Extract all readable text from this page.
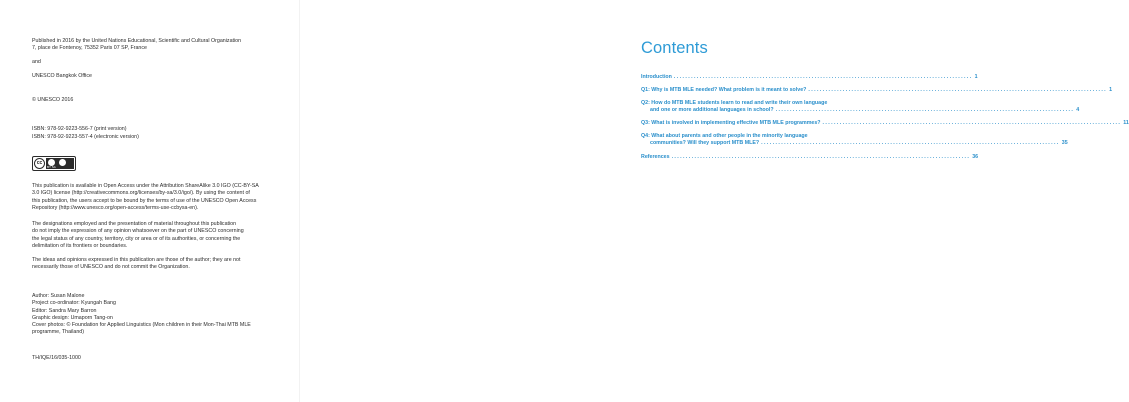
Published in 2016 by the United Nations Educational, Scientific and Cultural Organization
7, place de Fontenoy, 75352 Paris 07 SP, France
and
UNESCO Bangkok Office
© UNESCO 2016
ISBN: 978-92-9223-556-7 (print version)
ISBN: 978-92-9223-557-4 (electronic version)
cc
BY SA
This publication is available in Open Access under the Attribution ShareAlike 3.0 IGO (CC-BY-SA
3.0 IGO) license (http://creativecommons.org/licenses/by-sa/3.0/igo/). By using the content of
this publication, the users accept to be bound by the terms of use of the UNESCO Open Access
Repository (http://www.unesco.org/open-access/terms-use-ccbysa-en).
The designations employed and the presentation of material throughout this publication
do not imply the expression of any opinion whatsoever on the part of UNESCO concerning
the legal status of any country, territory, city or area or of its authorities, or concerning the
delimitation of its frontiers or boundaries.
The ideas and opinions expressed in this publication are those of the author; they are not
necessarily those of UNESCO and do not commit the Organization.
Author: Susan Malone
Project co-ordinator: Kyungah Bang
Editor: Sandra Mary Barron
Graphic design: Umaporn Tang-on
Cover photos: © Foundation for Applied Linguistics (Mon children in their Mon-Thai MTB MLE
programme, Thailand)
TH/IQE/16/035-1000
Contents
Introduction ........................................................................................................ 1
Q1: Why is MTB MLE needed? What problem is it meant to solve? ........................................................................................................ 1
Q2: How do MTB MLE students learn to read and write their own language
and one or more additional languages in school? ........................................................................................................ 4
Q3: What is involved in implementing effective MTB MLE programmes? ........................................................................................................ 11
Q4: What about parents and other people in the minority language
communities? Will they support MTB MLE? ........................................................................................................ 35
References ........................................................................................................ 36
